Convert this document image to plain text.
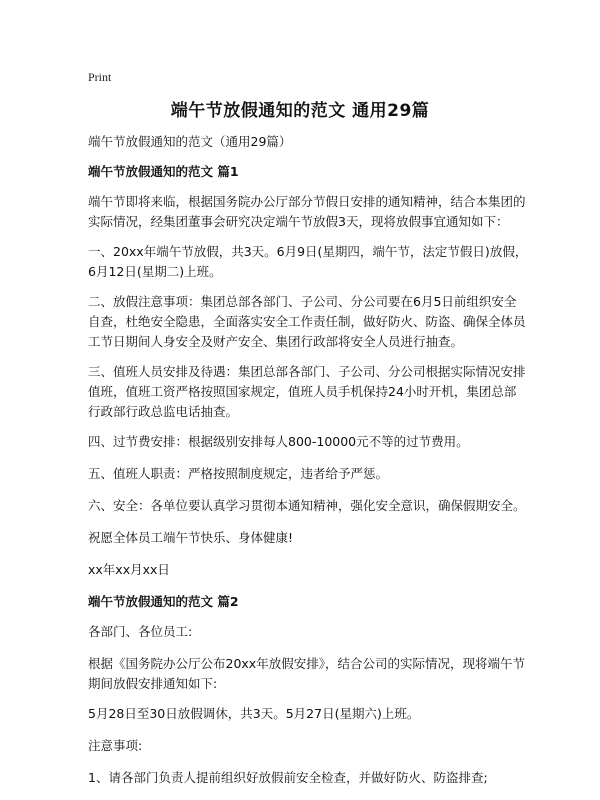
Print
端午节放假通知的范文 通用29篇

端午节放假通知的范文（通用29篇）

端午节放假通知的范文 篇1

端午节即将来临，根据国务院办公厅部分节假日安排的通知精神，结合本集团的实际情况，经集团董事会研究决定端午节放假3天，现将放假事宜通知如下：

一、20xx年端午节放假，共3天。6月9日(星期四，端午节，法定节假日)放假，6月12日(星期二)上班。

二、放假注意事项：集团总部各部门、子公司、分公司要在6月5日前组织安全自查，杜绝安全隐患，全面落实安全工作责任制，做好防火、防盗、确保全体员工节日期间人身安全及财产安全、集团行政部将安全人员进行抽查。

三、值班人员安排及待遇：集团总部各部门、子公司、分公司根据实际情况安排值班，值班工资严格按照国家规定，值班人员手机保持24小时开机，集团总部行政部行政总监电话抽查。

四、过节费安排：根据级别安排每人800-10000元不等的过节费用。

五、值班人职责：严格按照制度规定，违者给予严惩。

六、安全：各单位要认真学习贯彻本通知精神，强化安全意识，确保假期安全。

祝愿全体员工端午节快乐、身体健康!

xx年xx月xx日

端午节放假通知的范文 篇2

各部门、各位员工:

根据《国务院办公厅公布20xx年放假安排》，结合公司的实际情况，现将端午节期间放假安排通知如下:

5月28日至30日放假调休，共3天。5月27日(星期六)上班。

注意事项:

1、请各部门负责人提前组织好放假前安全检查，并做好防火、防盗排查;
